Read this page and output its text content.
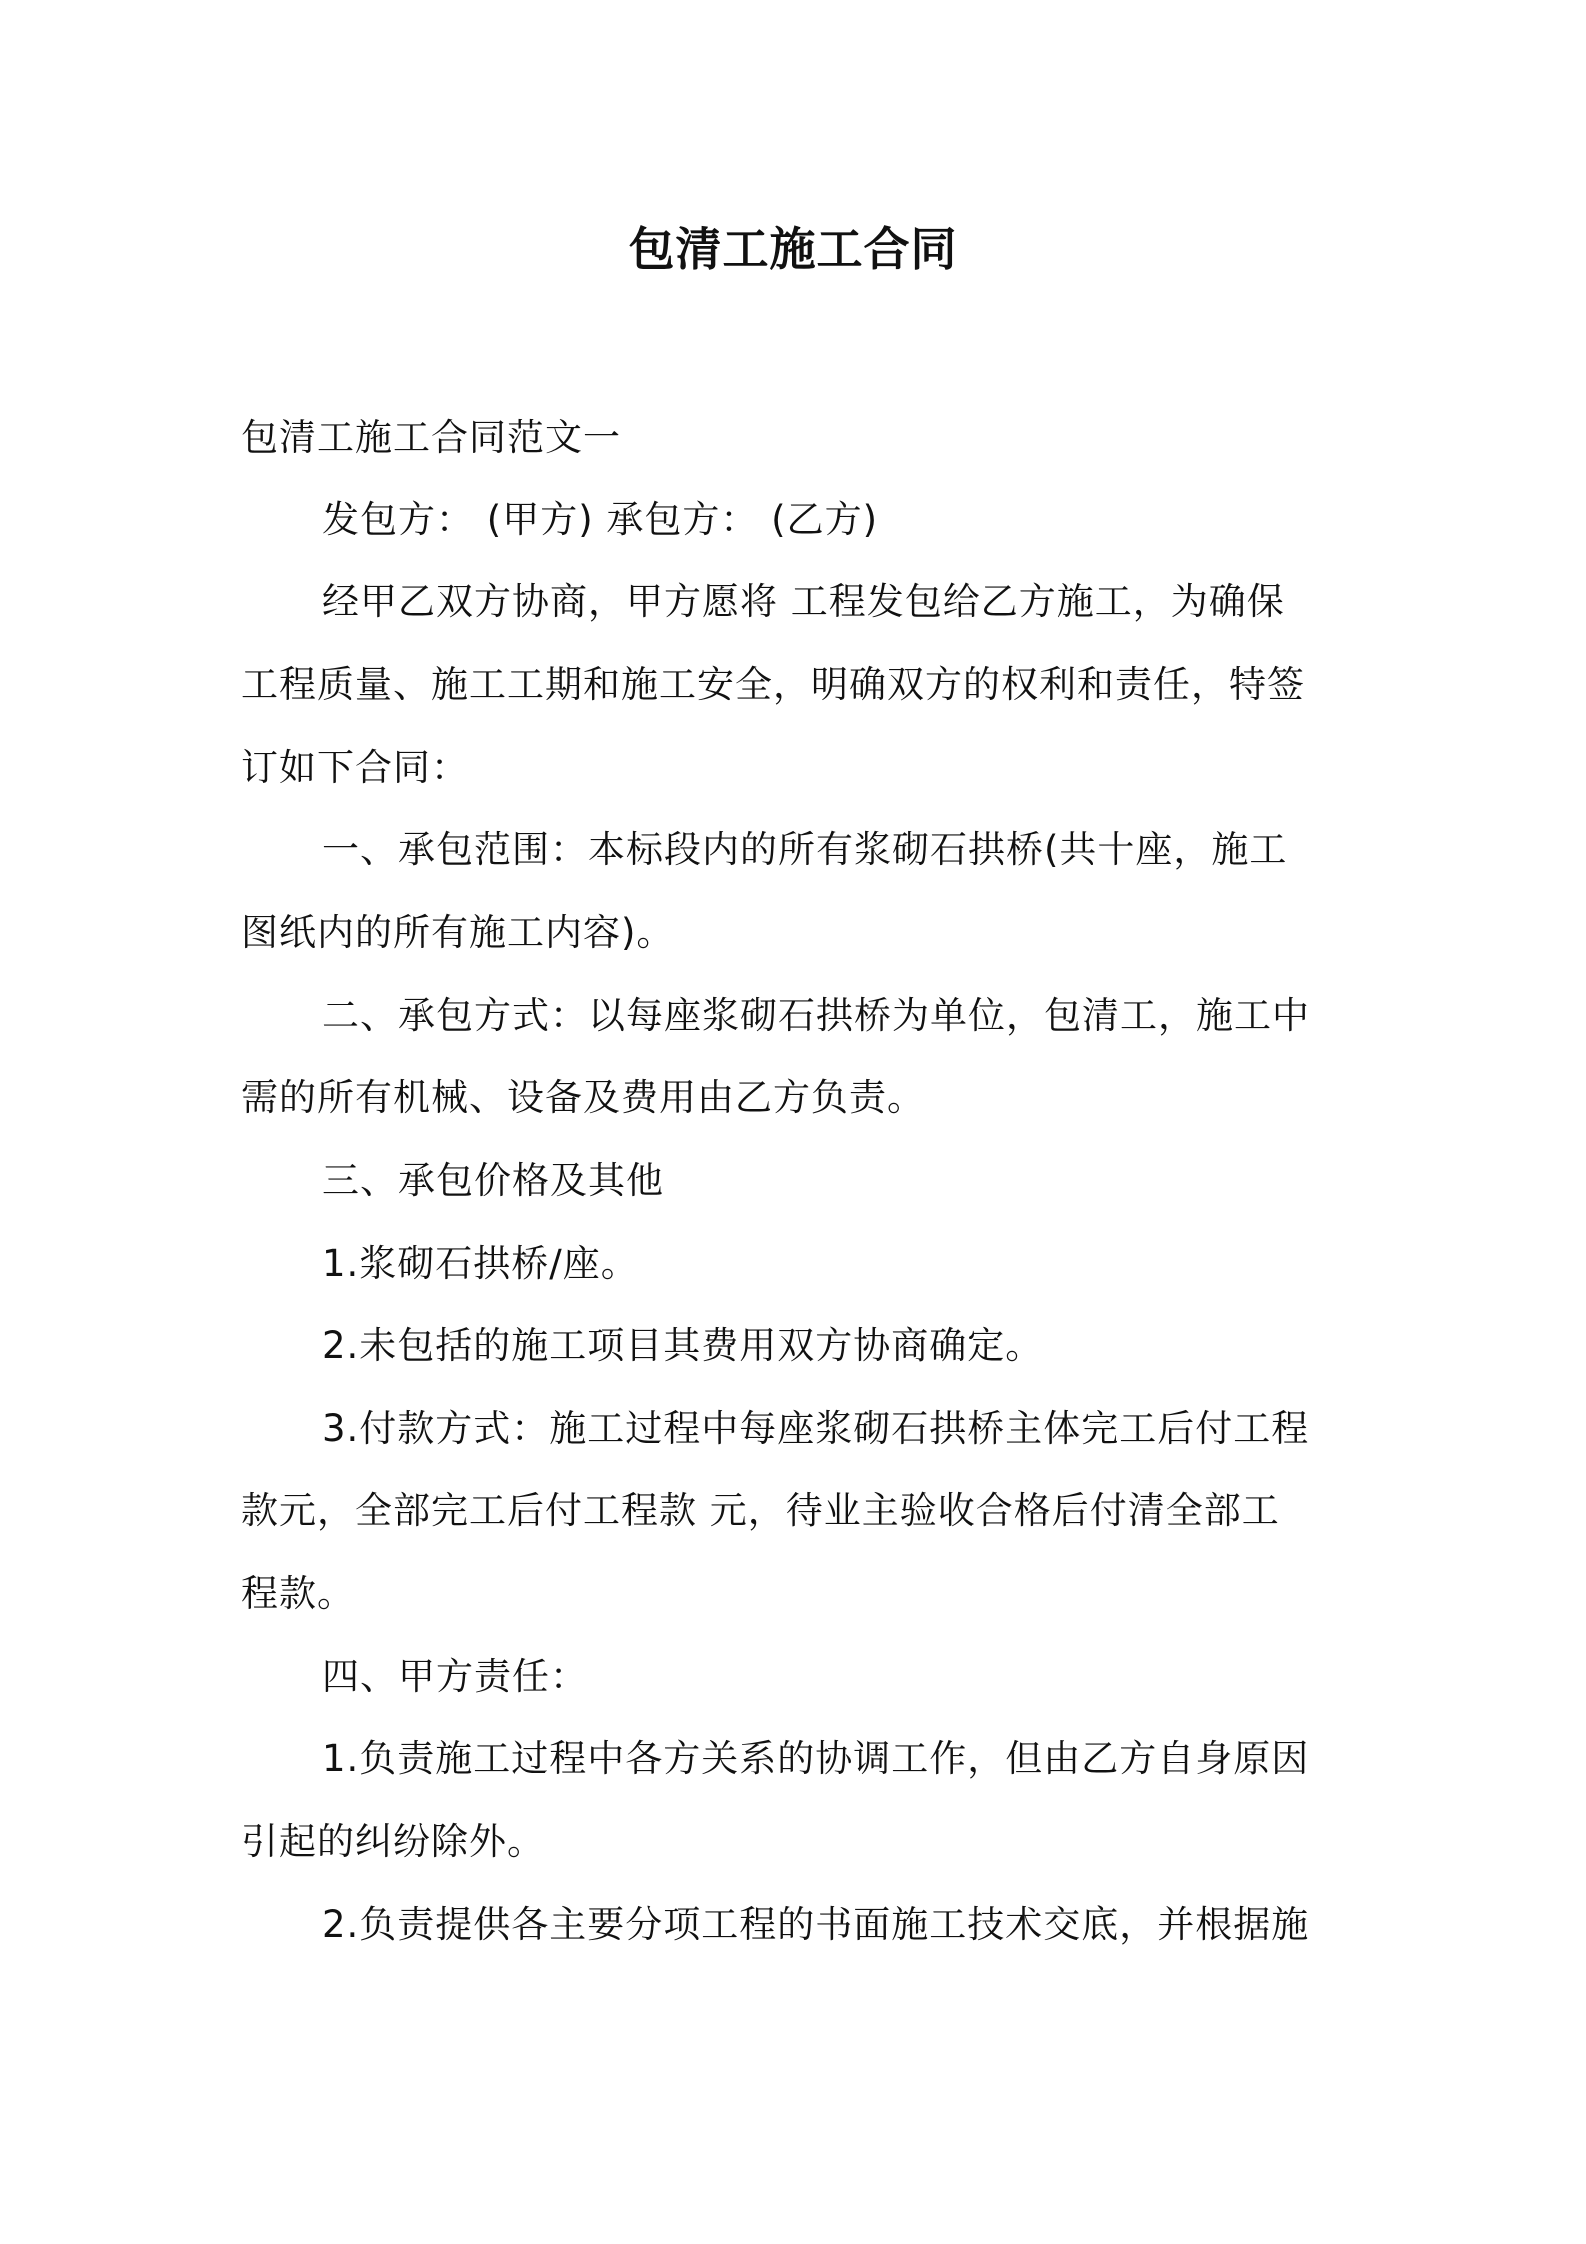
包清工施工合同
包清工施工合同范文一
发包方： (甲方) 承包方： (乙方)
经甲乙双方协商，甲方愿将 工程发包给乙方施工，为确保
工程质量、施工工期和施工安全，明确双方的权利和责任，特签
订如下合同：
一、承包范围：本标段内的所有浆砌石拱桥(共十座，施工
图纸内的所有施工内容)。
二、承包方式：以每座浆砌石拱桥为单位，包清工，施工中
需的所有机械、设备及费用由乙方负责。
三、承包价格及其他
1.浆砌石拱桥/座。
2.未包括的施工项目其费用双方协商确定。
3.付款方式：施工过程中每座浆砌石拱桥主体完工后付工程
款元，全部完工后付工程款 元，待业主验收合格后付清全部工
程款。
四、甲方责任：
1.负责施工过程中各方关系的协调工作，但由乙方自身原因
引起的纠纷除外。
2.负责提供各主要分项工程的书面施工技术交底，并根据施
